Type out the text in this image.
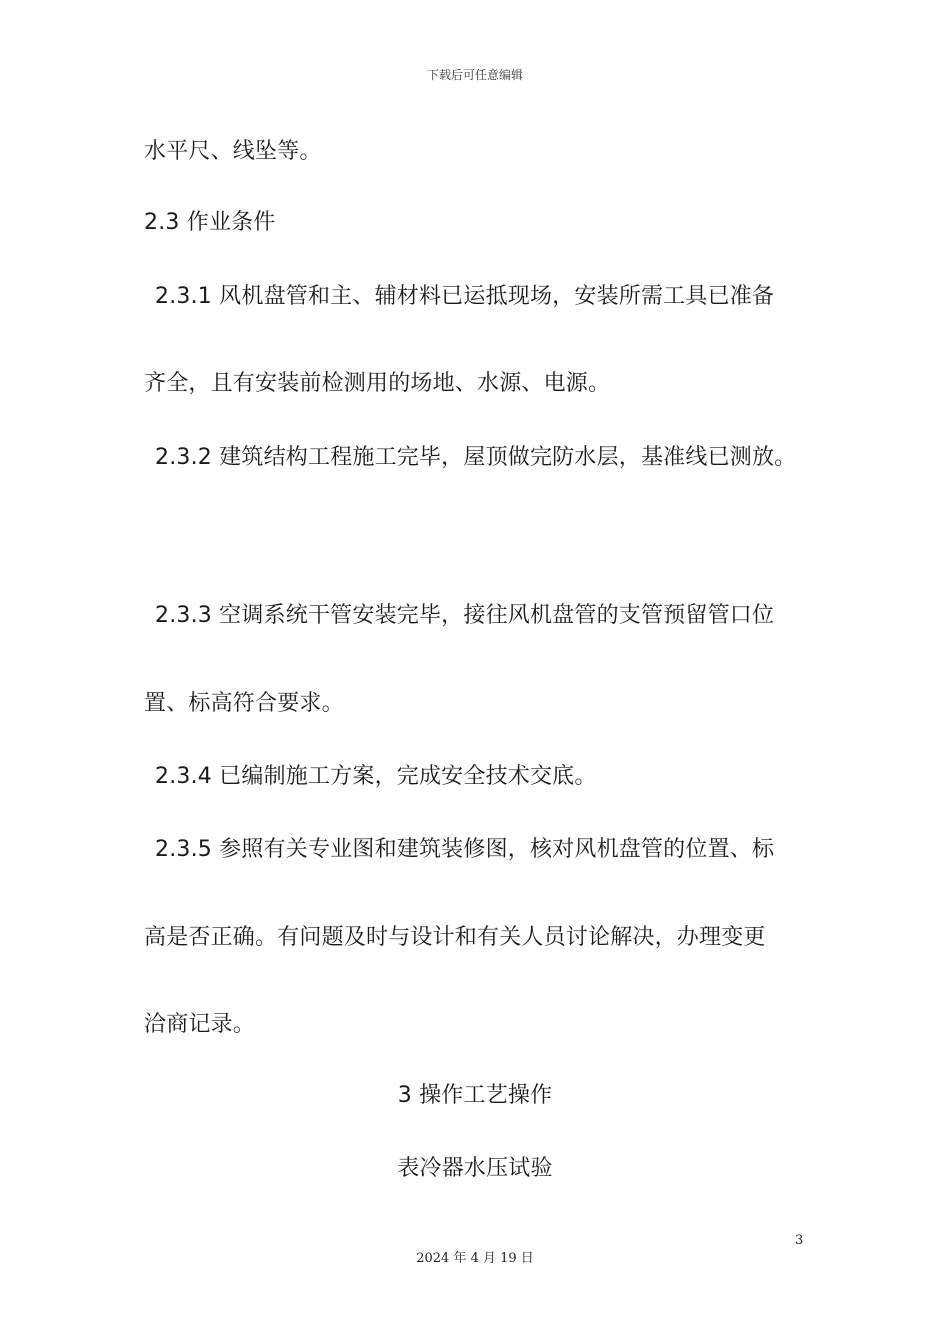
下载后可任意编辑
水平尺、线坠等。
2.3 作业条件
2.3.1 风机盘管和主、辅材料已运抵现场，安装所需工具已准备
齐全，且有安装前检测用的场地、水源、电源。
2.3.2 建筑结构工程施工完毕，屋顶做完防水层，基准线已测放。
2.3.3 空调系统干管安装完毕，接往风机盘管的支管预留管口位
置、标高符合要求。
2.3.4 已编制施工方案，完成安全技术交底。
2.3.5 参照有关专业图和建筑装修图，核对风机盘管的位置、标
高是否正确。有问题及时与设计和有关人员讨论解决，办理变更
洽商记录。
3 操作工艺操作
表冷器水压试验
3
2024 年 4 月 19 日
